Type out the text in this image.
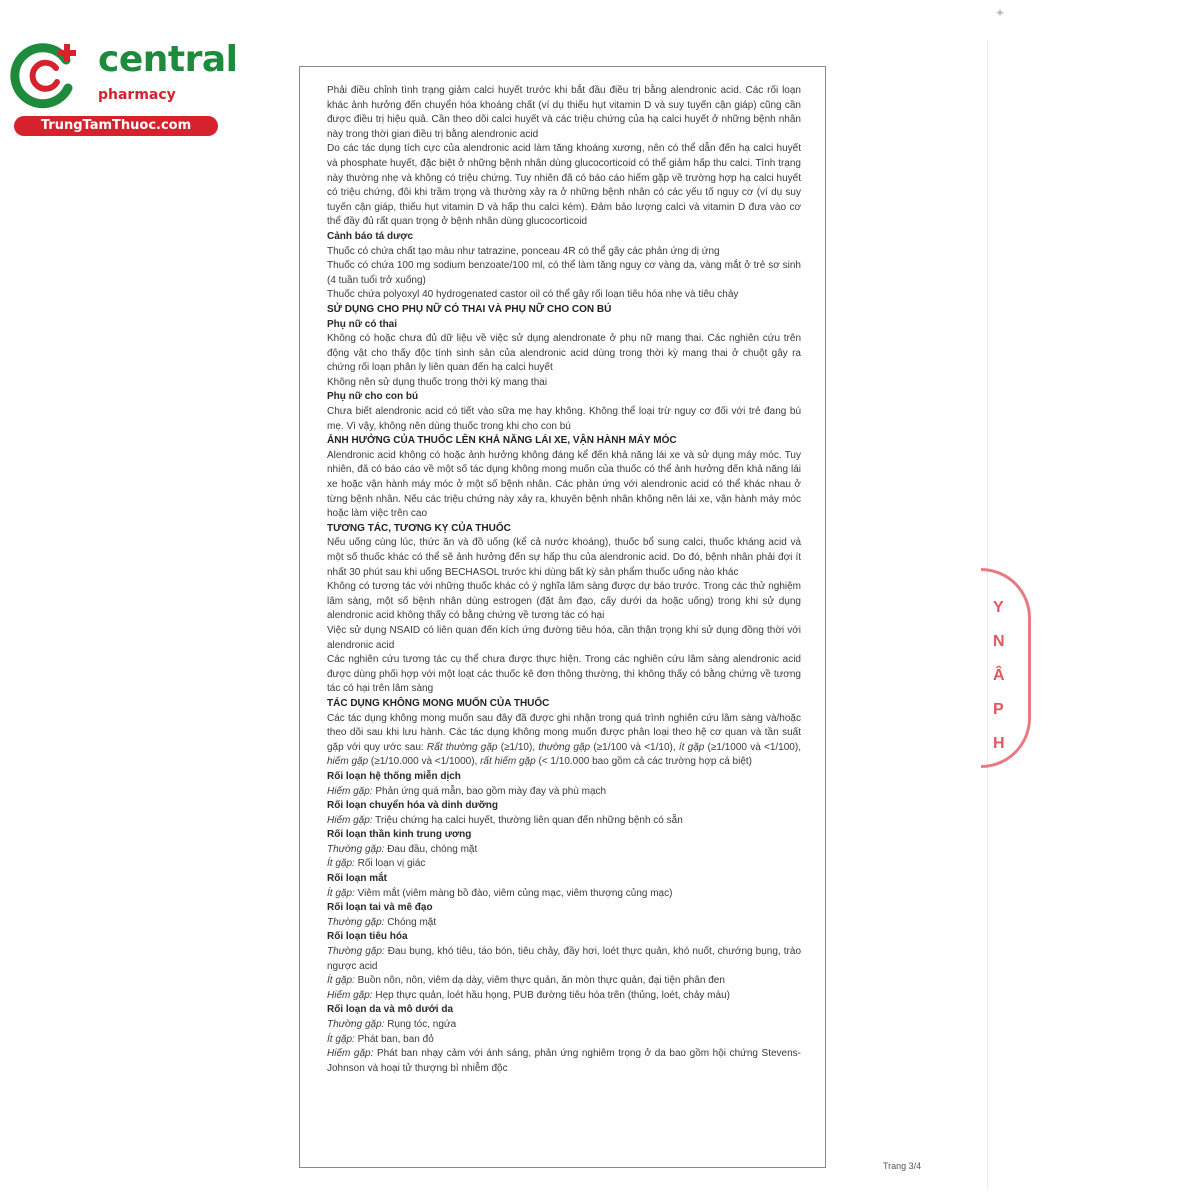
central
pharmacy
TrungTamThuoc.com
✦

Phải điều chỉnh tình trạng giảm calci huyết trước khi bắt đầu điều trị bằng alendronic acid. Các rối loạn khác ảnh hưởng đến chuyển hóa khoáng chất (ví dụ thiếu hụt vitamin D và suy tuyến cận giáp) cũng cần được điều trị hiệu quả. Cần theo dõi calci huyết và các triệu chứng của hạ calci huyết ở những bệnh nhân này trong thời gian điều trị bằng alendronic acid

Do các tác dụng tích cực của alendronic acid làm tăng khoáng xương, nên có thể dẫn đến hạ calci huyết và phosphate huyết, đặc biệt ở những bệnh nhân dùng glucocorticoid có thể giảm hấp thu calci. Tình trạng này thường nhẹ và không có triệu chứng. Tuy nhiên đã có báo cáo hiếm gặp về trường hợp hạ calci huyết có triệu chứng, đôi khi trầm trọng và thường xảy ra ở những bệnh nhân có các yếu tố nguy cơ (ví dụ suy tuyến cận giáp, thiếu hụt vitamin D và hấp thu calci kém). Đảm bảo lượng calci và vitamin D đưa vào cơ thể đầy đủ rất quan trọng ở bệnh nhân dùng glucocorticoid

Cảnh báo tá dược

Thuốc có chứa chất tạo màu như tatrazine, ponceau 4R có thể gây các phản ứng dị ứng

Thuốc có chứa 100 mg sodium benzoate/100 ml, có thể làm tăng nguy cơ vàng da, vàng mắt ở trẻ sơ sinh (4 tuần tuổi trở xuống)

Thuốc chứa polyoxyl 40 hydrogenated castor oil có thể gây rối loạn tiêu hóa nhẹ và tiêu chảy

SỬ DỤNG CHO PHỤ NỮ CÓ THAI VÀ PHỤ NỮ CHO CON BÚ

Phụ nữ có thai

Không có hoặc chưa đủ dữ liệu về việc sử dụng alendronate ở phụ nữ mang thai. Các nghiên cứu trên động vật cho thấy độc tính sinh sản của alendronic acid dùng trong thời kỳ mang thai ở chuột gây ra chứng rối loạn phân ly liên quan đến hạ calci huyết

Không nên sử dụng thuốc trong thời kỳ mang thai

Phụ nữ cho con bú

Chưa biết alendronic acid có tiết vào sữa mẹ hay không. Không thể loại trừ nguy cơ đối với trẻ đang bú mẹ. Vì vậy, không nên dùng thuốc trong khi cho con bú

ẢNH HƯỞNG CỦA THUỐC LÊN KHẢ NĂNG LÁI XE, VẬN HÀNH MÁY MÓC

Alendronic acid không có hoặc ảnh hưởng không đáng kể đến khả năng lái xe và sử dụng máy móc. Tuy nhiên, đã có báo cáo về một số tác dụng không mong muốn của thuốc có thể ảnh hưởng đến khả năng lái xe hoặc vận hành máy móc ở một số bệnh nhân. Các phản ứng với alendronic acid có thể khác nhau ở từng bệnh nhân. Nếu các triệu chứng này xảy ra, khuyên bệnh nhân không nên lái xe, vận hành máy móc hoặc làm việc trên cao

TƯƠNG TÁC, TƯƠNG KỴ CỦA THUỐC

Nếu uống cùng lúc, thức ăn và đồ uống (kể cả nước khoáng), thuốc bổ sung calci, thuốc kháng acid và một số thuốc khác có thể sẽ ảnh hưởng đến sự hấp thu của alendronic acid. Do đó, bệnh nhân phải đợi ít nhất 30 phút sau khi uống BECHASOL trước khi dùng bất kỳ sản phẩm thuốc uống nào khác

Không có tương tác với những thuốc khác có ý nghĩa lâm sàng được dự báo trước. Trong các thử nghiệm lâm sàng, một số bệnh nhân dùng estrogen (đặt âm đạo, cấy dưới da hoặc uống) trong khi sử dụng alendronic acid không thấy có bằng chứng về tương tác có hại

Việc sử dụng NSAID có liên quan đến kích ứng đường tiêu hóa, cần thận trọng khi sử dụng đồng thời với alendronic acid

Các nghiên cứu tương tác cụ thể chưa được thực hiện. Trong các nghiên cứu lâm sàng alendronic acid được dùng phối hợp với một loạt các thuốc kê đơn thông thường, thì không thấy có bằng chứng về tương tác có hại trên lâm sàng

TÁC DỤNG KHÔNG MONG MUỐN CỦA THUỐC

Các tác dụng không mong muốn sau đây đã được ghi nhận trong quá trình nghiên cứu lâm sàng và/hoặc theo dõi sau khi lưu hành. Các tác dụng không mong muốn được phân loại theo hệ cơ quan và tần suất gặp với quy ước sau: Rất thường gặp (≥1/10), thường gặp (≥1/100 và <1/10), ít gặp (≥1/1000 và <1/100), hiếm gặp (≥1/10.000 và <1/1000), rất hiếm gặp (< 1/10.000 bao gồm cả các trường hợp cá biệt)

Rối loạn hệ thống miễn dịch

Hiếm gặp: Phản ứng quá mẫn, bao gồm mày đay và phù mạch

Rối loạn chuyển hóa và dinh dưỡng

Hiếm gặp: Triệu chứng hạ calci huyết, thường liên quan đến những bệnh có sẵn

Rối loạn thần kinh trung ương

Thường gặp: Đau đầu, chóng mặt

Ít gặp: Rối loạn vị giác

Rối loạn mắt

Ít gặp: Viêm mắt (viêm màng bồ đào, viêm củng mạc, viêm thượng củng mạc)

Rối loạn tai và mê đạo

Thường gặp: Chóng mặt

Rối loạn tiêu hóa

Thường gặp: Đau bụng, khó tiêu, táo bón, tiêu chảy, đầy hơi, loét thực quản, khó nuốt, chướng bụng, trào ngược acid

Ít gặp: Buồn nôn, nôn, viêm dạ dày, viêm thực quản, ăn mòn thực quản, đại tiện phân đen

Hiếm gặp: Hẹp thực quản, loét hầu họng, PUB đường tiêu hóa trên (thủng, loét, chảy máu)

Rối loạn da và mô dưới da

Thường gặp: Rụng tóc, ngứa

Ít gặp: Phát ban, ban đỏ

Hiếm gặp: Phát ban nhạy cảm với ánh sáng, phản ứng nghiêm trọng ở da bao gồm hội chứng Stevens-Johnson và hoại tử thượng bì nhiễm độc

Y
N
Â
P
H
Trang 3/4
